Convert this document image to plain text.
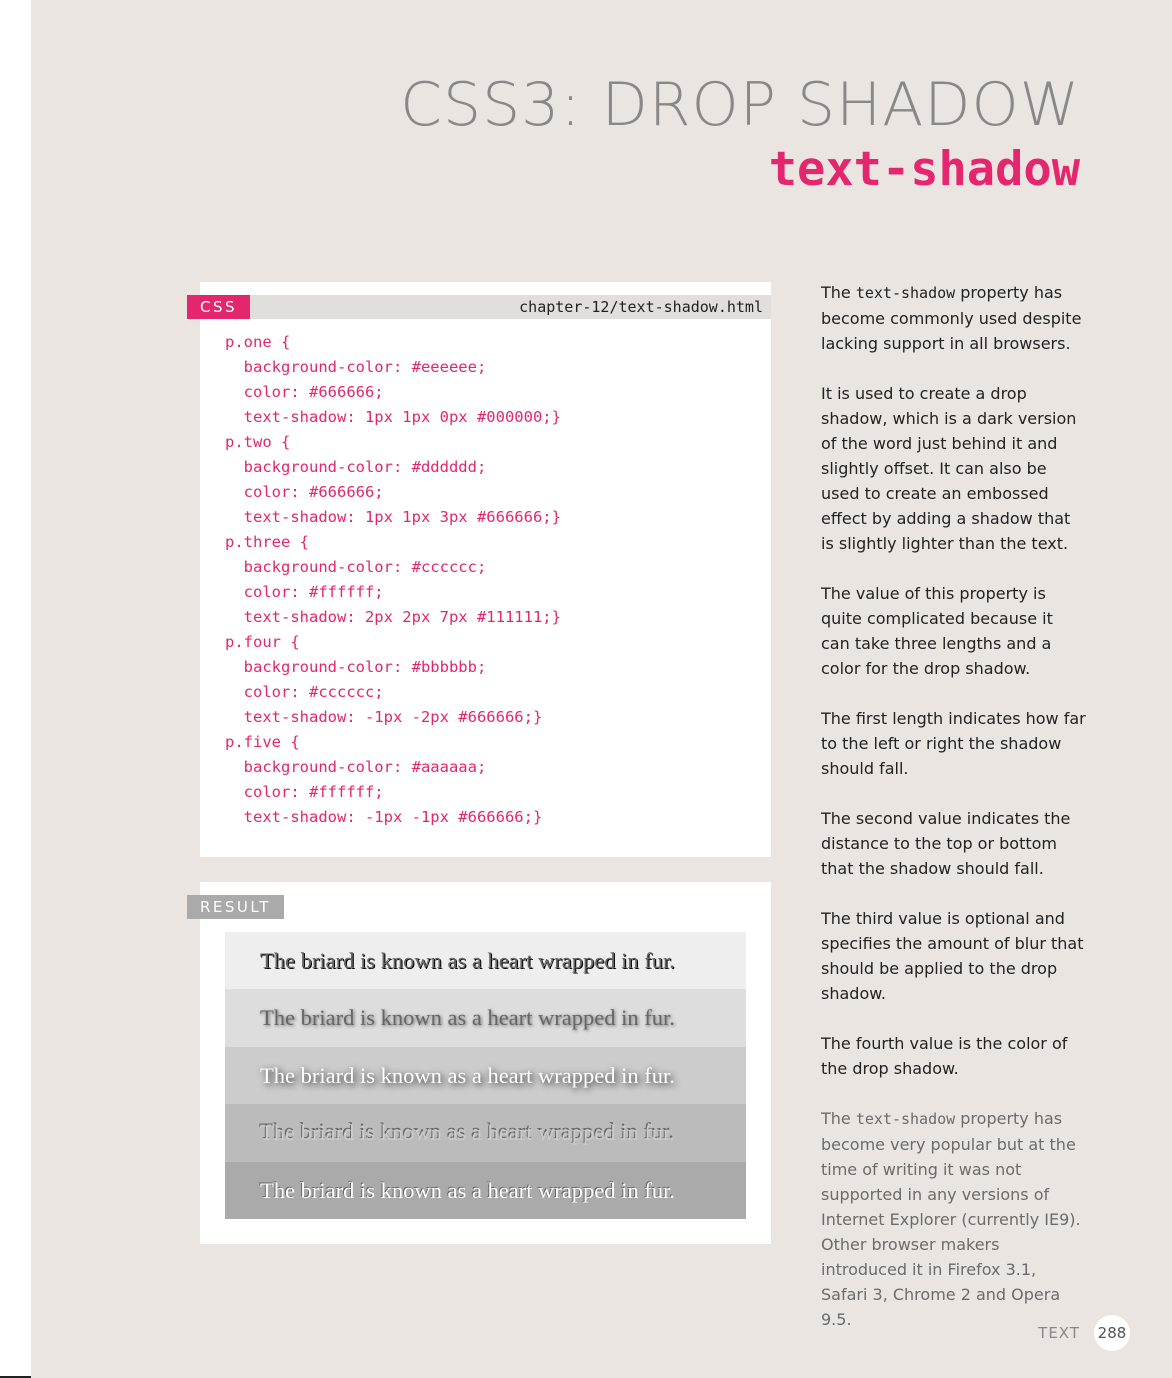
CSS3: DROP SHADOW
text-shadow
CSS	chapter-12/text-shadow.html
p.one {
background-color: #eeeeee;
color: #666666;
text-shadow: 1px 1px 0px #000000;}
p.two {
background-color: #dddddd;
color: #666666;
text-shadow: 1px 1px 3px #666666;}
p.three {
background-color: #cccccc;
color: #ffffff;
text-shadow: 2px 2px 7px #111111;}
p.four {
background-color: #bbbbbb;
color: #cccccc;
text-shadow: -1px -2px #666666;}
p.five {
background-color: #aaaaaa;
color: #ffffff;
text-shadow: -1px -1px #666666;}
RESULT

The briard is known as a heart wrapped in fur.

The briard is known as a heart wrapped in fur.

The briard is known as a heart wrapped in fur.

The briard is known as a heart wrapped in fur.

The briard is known as a heart wrapped in fur.

The text-shadow property has become commonly used despite lacking support in all browsers.
It is used to create a drop shadow, which is a dark version of the word just behind it and slightly offset. It can also be used to create an embossed effect by adding a shadow that is slightly lighter than the text.
The value of this property is quite complicated because it can take three lengths and a color for the drop shadow.
The first length indicates how far to the left or right the shadow should fall.
The second value indicates the distance to the top or bottom that the shadow should fall.
The third value is optional and specifies the amount of blur that should be applied to the drop shadow.
The fourth value is the color of the drop shadow.
The text-shadow property has become very popular but at the time of writing it was not supported in any versions of Internet Explorer (currently IE9). Other browser makers introduced it in Firefox 3.1, Safari 3, Chrome 2 and Opera 9.5.
TEXT 288
